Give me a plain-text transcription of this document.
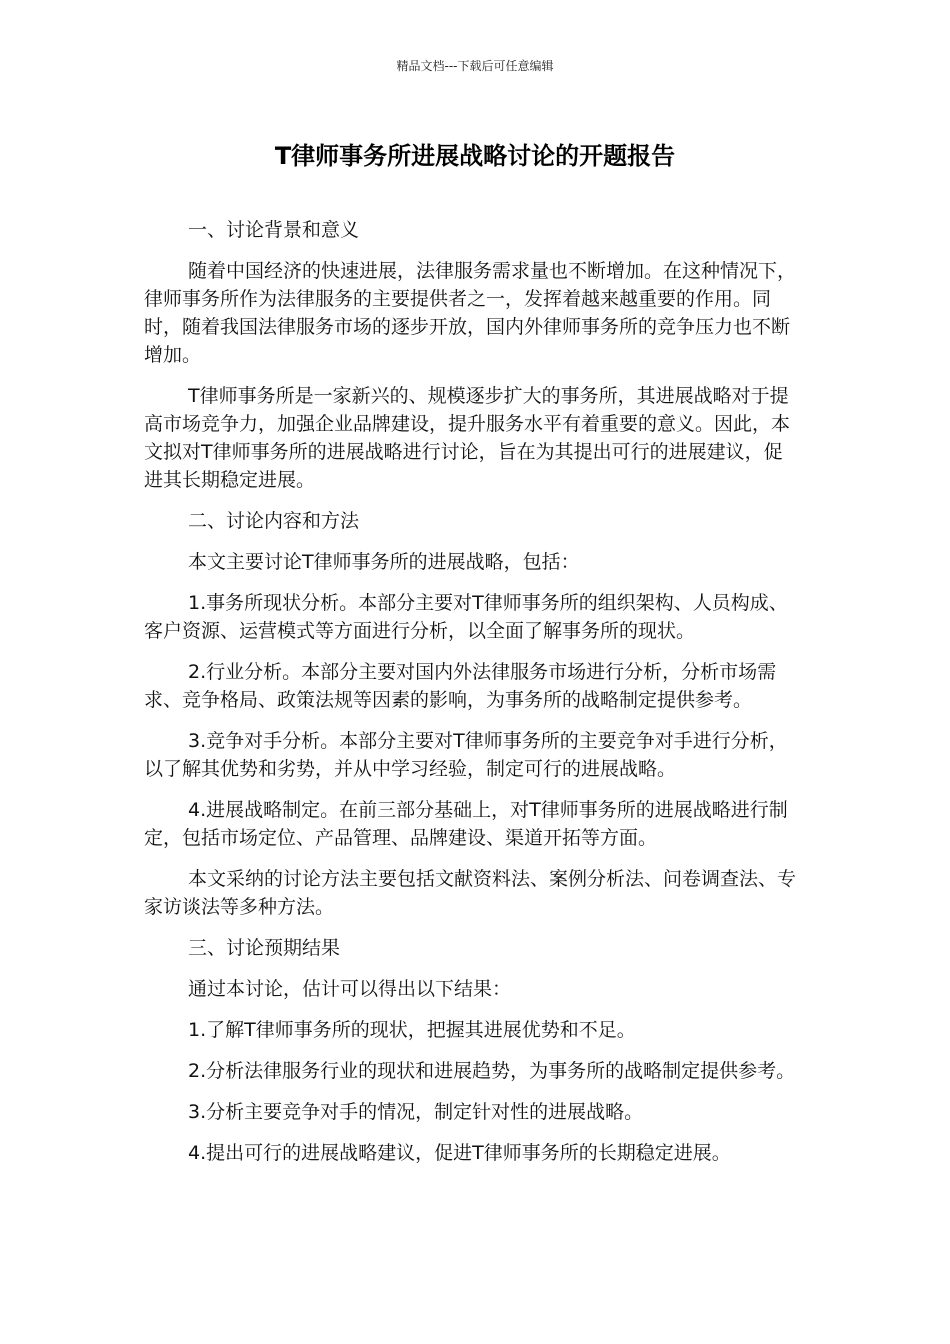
精品文档---下载后可任意编辑
T律师事务所进展战略讨论的开题报告

一、讨论背景和意义

随着中国经济的快速进展，法律服务需求量也不断增加。在这种情况下，律师事务所作为法律服务的主要提供者之一，发挥着越来越重要的作用。同时，随着我国法律服务市场的逐步开放，国内外律师事务所的竞争压力也不断增加。

T律师事务所是一家新兴的、规模逐步扩大的事务所，其进展战略对于提高市场竞争力，加强企业品牌建设，提升服务水平有着重要的意义。因此，本文拟对T律师事务所的进展战略进行讨论，旨在为其提出可行的进展建议，促进其长期稳定进展。

二、讨论内容和方法

本文主要讨论T律师事务所的进展战略，包括：

1.事务所现状分析。本部分主要对T律师事务所的组织架构、人员构成、客户资源、运营模式等方面进行分析，以全面了解事务所的现状。

2.行业分析。本部分主要对国内外法律服务市场进行分析，分析市场需求、竞争格局、政策法规等因素的影响，为事务所的战略制定提供参考。

3.竞争对手分析。本部分主要对T律师事务所的主要竞争对手进行分析，以了解其优势和劣势，并从中学习经验，制定可行的进展战略。

4.进展战略制定。在前三部分基础上，对T律师事务所的进展战略进行制定，包括市场定位、产品管理、品牌建设、渠道开拓等方面。

本文采纳的讨论方法主要包括文献资料法、案例分析法、问卷调查法、专家访谈法等多种方法。

三、讨论预期结果

通过本讨论，估计可以得出以下结果：

1.了解T律师事务所的现状，把握其进展优势和不足。

2.分析法律服务行业的现状和进展趋势，为事务所的战略制定提供参考。

3.分析主要竞争对手的情况，制定针对性的进展战略。

4.提出可行的进展战略建议，促进T律师事务所的长期稳定进展。
